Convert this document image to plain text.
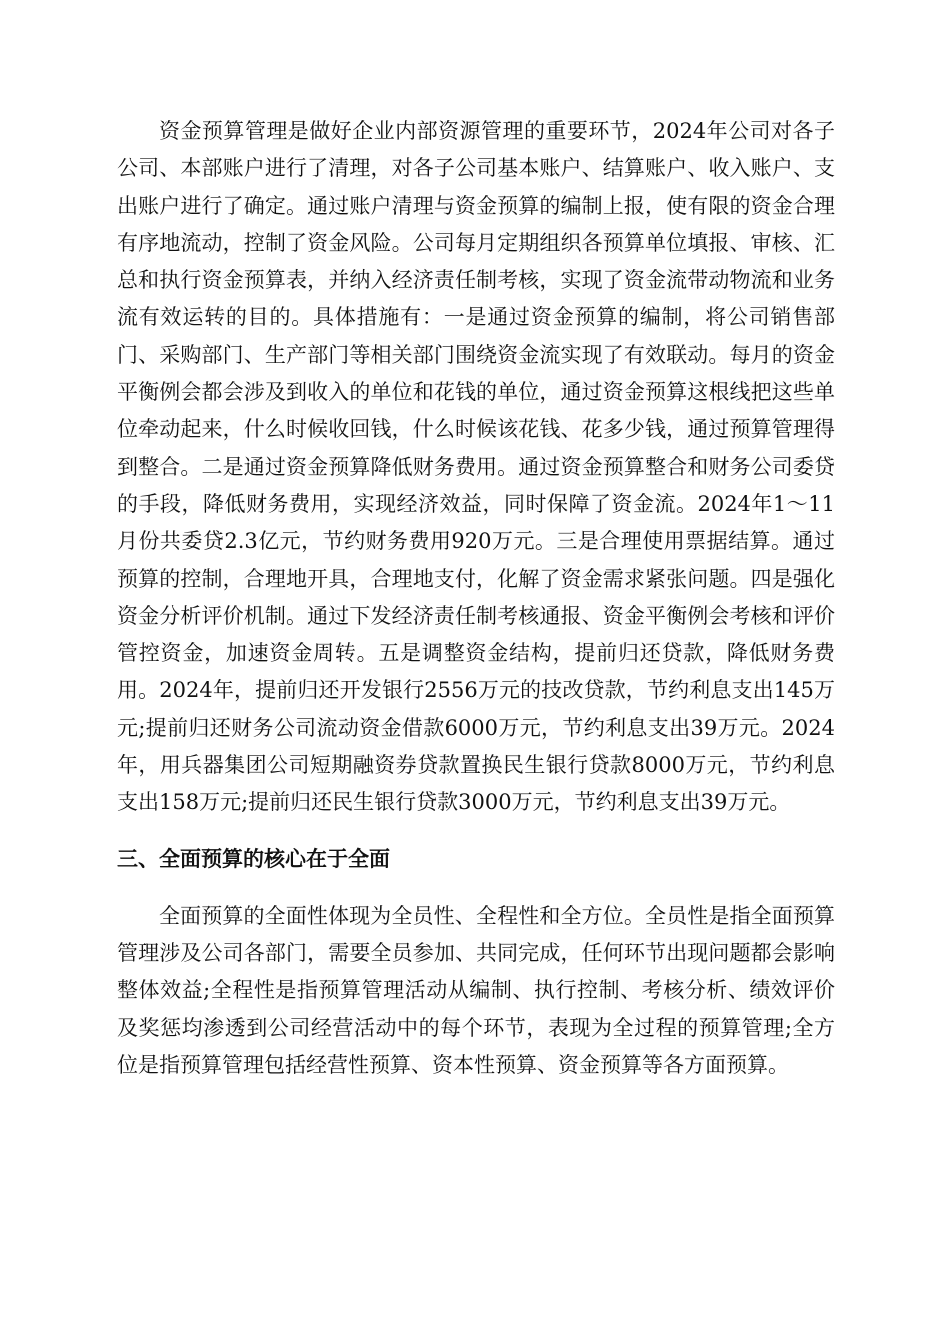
资金预算管理是做好企业内部资源管理的重要环节，2024年公司对各子公司、本部账户进行了清理，对各子公司基本账户、结算账户、收入账户、支出账户进行了确定。通过账户清理与资金预算的编制上报，使有限的资金合理有序地流动，控制了资金风险。公司每月定期组织各预算单位填报、审核、汇总和执行资金预算表，并纳入经济责任制考核，实现了资金流带动物流和业务流有效运转的目的。具体措施有：一是通过资金预算的编制，将公司销售部门、采购部门、生产部门等相关部门围绕资金流实现了有效联动。每月的资金平衡例会都会涉及到收入的单位和花钱的单位，通过资金预算这根线把这些单位牵动起来，什么时候收回钱，什么时候该花钱、花多少钱，通过预算管理得到整合。二是通过资金预算降低财务费用。通过资金预算整合和财务公司委贷的手段，降低财务费用，实现经济效益，同时保障了资金流。2024年1～11月份共委贷2.3亿元，节约财务费用920万元。三是合理使用票据结算。通过预算的控制，合理地开具，合理地支付，化解了资金需求紧张问题。四是强化资金分析评价机制。通过下发经济责任制考核通报、资金平衡例会考核和评价管控资金，加速资金周转。五是调整资金结构，提前归还贷款，降低财务费用。2024年，提前归还开发银行2556万元的技改贷款，节约利息支出145万元;提前归还财务公司流动资金借款6000万元，节约利息支出39万元。2024年，用兵器集团公司短期融资券贷款置换民生银行贷款8000万元，节约利息支出158万元;提前归还民生银行贷款3000万元，节约利息支出39万元。

三、全面预算的核心在于全面

全面预算的全面性体现为全员性、全程性和全方位。全员性是指全面预算管理涉及公司各部门，需要全员参加、共同完成，任何环节出现问题都会影响整体效益;全程性是指预算管理活动从编制、执行控制、考核分析、绩效评价及奖惩均渗透到公司经营活动中的每个环节，表现为全过程的预算管理;全方位是指预算管理包括经营性预算、资本性预算、资金预算等各方面预算。
